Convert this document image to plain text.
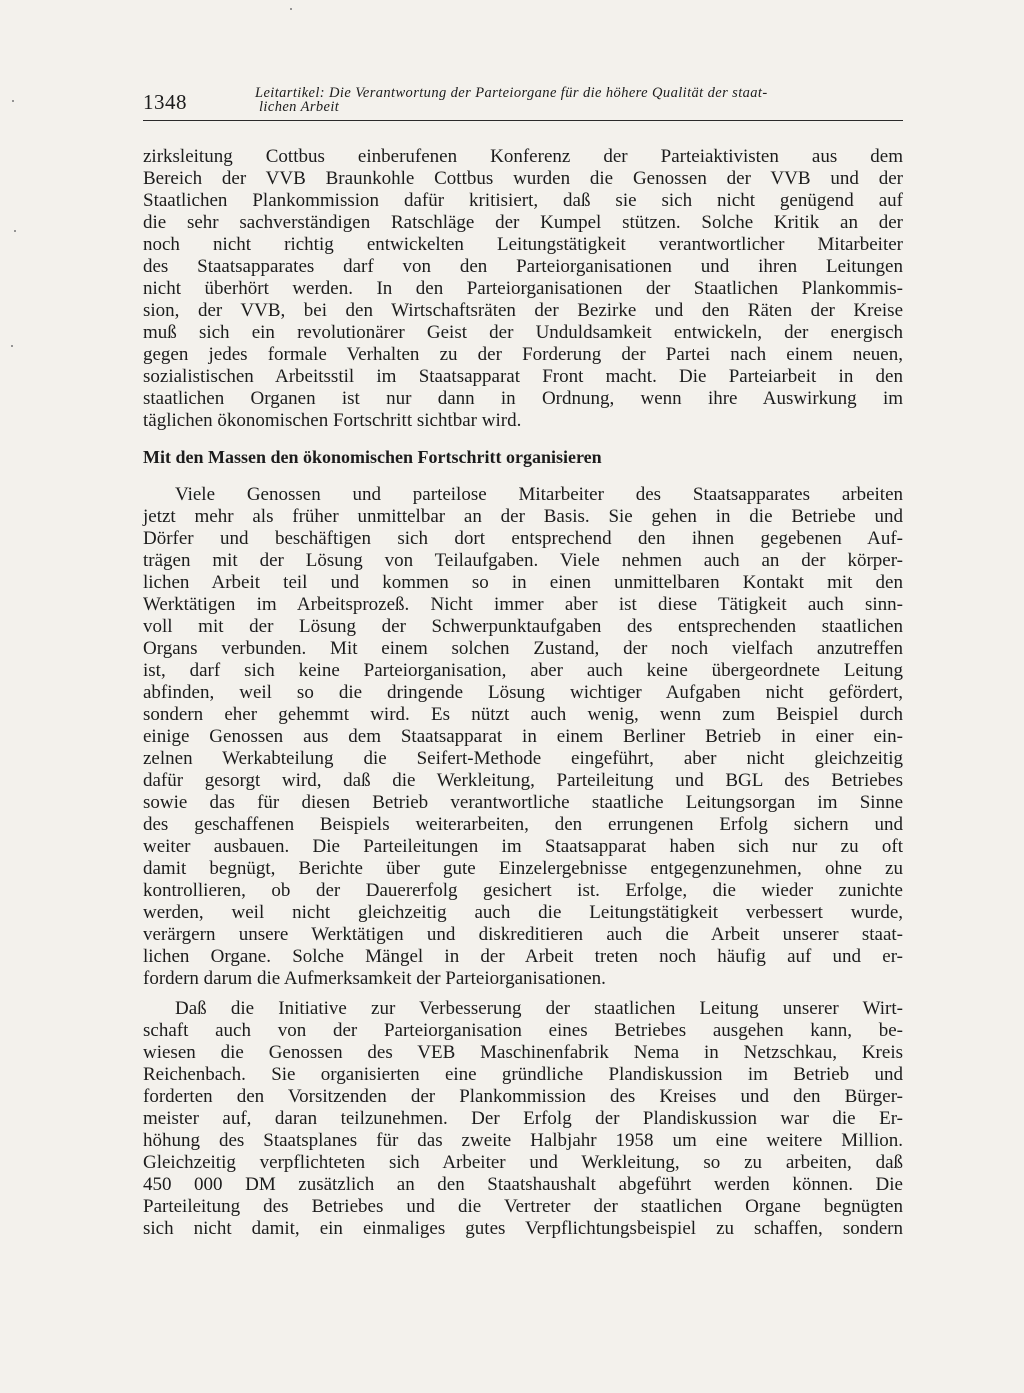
1348	Leitartikel: Die Verantwortung der Parteiorgane für die höhere Qualität der staat-
lichen Arbeit
zirksleitung Cottbus einberufenen Konferenz der Parteiaktivisten aus dem
Bereich der VVB Braunkohle Cottbus wurden die Genossen der VVB und der
Staatlichen Plankommission dafür kritisiert, daß sie sich nicht genügend auf
die sehr sachverständigen Ratschläge der Kumpel stützen. Solche Kritik an der
noch nicht richtig entwickelten Leitungstätigkeit verantwortlicher Mitarbeiter
des Staatsapparates darf von den Parteiorganisationen und ihren Leitungen
nicht überhört werden. In den Parteiorganisationen der Staatlichen Plankommis-
sion, der VVB, bei den Wirtschaftsräten der Bezirke und den Räten der Kreise
muß sich ein revolutionärer Geist der Unduldsamkeit entwickeln, der energisch
gegen jedes formale Verhalten zu der Forderung der Partei nach einem neuen,
sozialistischen Arbeitsstil im Staatsapparat Front macht. Die Parteiarbeit in den
staatlichen Organen ist nur dann in Ordnung, wenn ihre Auswirkung im
täglichen ökonomischen Fortschritt sichtbar wird.
Mit den Massen den ökonomischen Fortschritt organisieren
Viele Genossen und parteilose Mitarbeiter des Staatsapparates arbeiten
jetzt mehr als früher unmittelbar an der Basis. Sie gehen in die Betriebe und
Dörfer und beschäftigen sich dort entsprechend den ihnen gegebenen Auf-
trägen mit der Lösung von Teilaufgaben. Viele nehmen auch an der körper-
lichen Arbeit teil und kommen so in einen unmittelbaren Kontakt mit den
Werktätigen im Arbeitsprozeß. Nicht immer aber ist diese Tätigkeit auch sinn-
voll mit der Lösung der Schwerpunktaufgaben des entsprechenden staatlichen
Organs verbunden. Mit einem solchen Zustand, der noch vielfach anzutreffen
ist, darf sich keine Parteiorganisation, aber auch keine übergeordnete Leitung
abfinden, weil so die dringende Lösung wichtiger Aufgaben nicht gefördert,
sondern eher gehemmt wird. Es nützt auch wenig, wenn zum Beispiel durch
einige Genossen aus dem Staatsapparat in einem Berliner Betrieb in einer ein-
zelnen Werkabteilung die Seifert-Methode eingeführt, aber nicht gleichzeitig
dafür gesorgt wird, daß die Werkleitung, Parteileitung und BGL des Betriebes
sowie das für diesen Betrieb verantwortliche staatliche Leitungsorgan im Sinne
des geschaffenen Beispiels weiterarbeiten, den errungenen Erfolg sichern und
weiter ausbauen. Die Parteileitungen im Staatsapparat haben sich nur zu oft
damit begnügt, Berichte über gute Einzelergebnisse entgegenzunehmen, ohne zu
kontrollieren, ob der Dauererfolg gesichert ist. Erfolge, die wieder zunichte
werden, weil nicht gleichzeitig auch die Leitungstätigkeit verbessert wurde,
verärgern unsere Werktätigen und diskreditieren auch die Arbeit unserer staat-
lichen Organe. Solche Mängel in der Arbeit treten noch häufig auf und er-
fordern darum die Aufmerksamkeit der Parteiorganisationen.
Daß die Initiative zur Verbesserung der staatlichen Leitung unserer Wirt-
schaft auch von der Parteiorganisation eines Betriebes ausgehen kann, be-
wiesen die Genossen des VEB Maschinenfabrik Nema in Netzschkau, Kreis
Reichenbach. Sie organisierten eine gründliche Plandiskussion im Betrieb und
forderten den Vorsitzenden der Plankommission des Kreises und den Bürger-
meister auf, daran teilzunehmen. Der Erfolg der Plandiskussion war die Er-
höhung des Staatsplanes für das zweite Halbjahr 1958 um eine weitere Million.
Gleichzeitig verpflichteten sich Arbeiter und Werkleitung, so zu arbeiten, daß
450 000 DM zusätzlich an den Staatshaushalt abgeführt werden können. Die
Parteileitung des Betriebes und die Vertreter der staatlichen Organe begnügten
sich nicht damit, ein einmaliges gutes Verpflichtungsbeispiel zu schaffen, sondern
